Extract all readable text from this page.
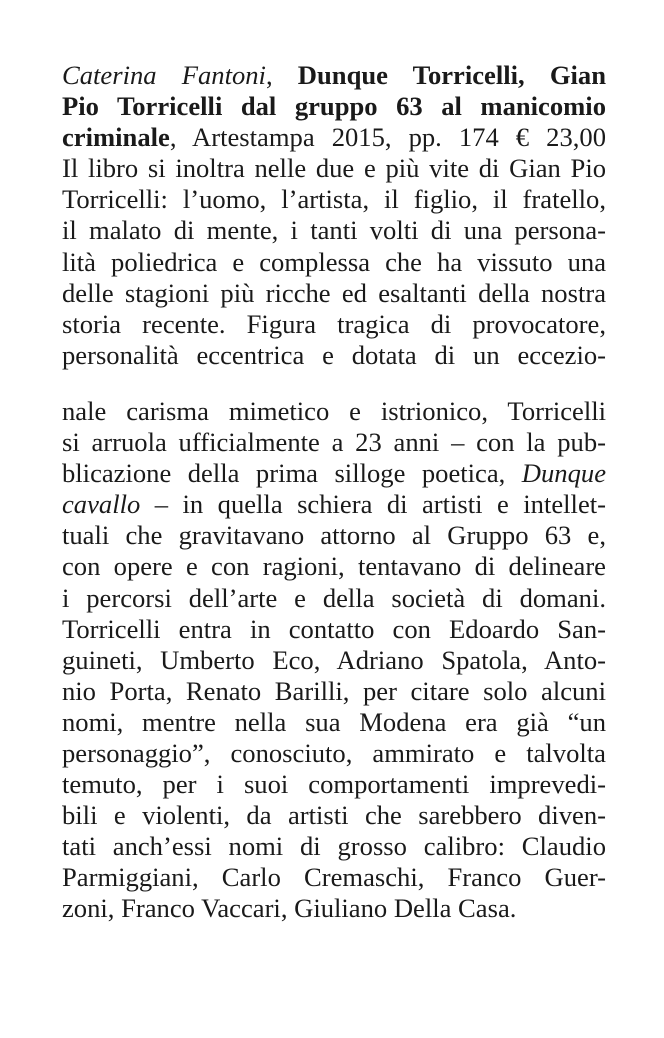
Caterina Fantoni, Dunque Torricelli, Gian
Pio Torricelli dal gruppo 63 al manicomio
criminale, Artestampa 2015, pp. 174 € 23,00
Il libro si inoltra nelle due e più vite di Gian Pio
Torricelli: l’uomo, l’artista, il figlio, il fratello,
il malato di mente, i tanti volti di una persona-
lità poliedrica e complessa che ha vissuto una
delle stagioni più ricche ed esaltanti della nostra
storia recente. Figura tragica di provocatore,
personalità eccentrica e dotata di un eccezio-
nale carisma mimetico e istrionico, Torricelli
si arruola ufficialmente a 23 anni – con la pub-
blicazione della prima silloge poetica, Dunque
cavallo – in quella schiera di artisti e intellet-
tuali che gravitavano attorno al Gruppo 63 e,
con opere e con ragioni, tentavano di delineare
i percorsi dell’arte e della società di domani.
Torricelli entra in contatto con Edoardo San-
guineti, Umberto Eco, Adriano Spatola, Anto-
nio Porta, Renato Barilli, per citare solo alcuni
nomi, mentre nella sua Modena era già “un
personaggio”, conosciuto, ammirato e talvolta
temuto, per i suoi comportamenti imprevedi-
bili e violenti, da artisti che sarebbero diven-
tati anch’essi nomi di grosso calibro: Claudio
Parmiggiani, Carlo Cremaschi, Franco Guer-
zoni, Franco Vaccari, Giuliano Della Casa.
